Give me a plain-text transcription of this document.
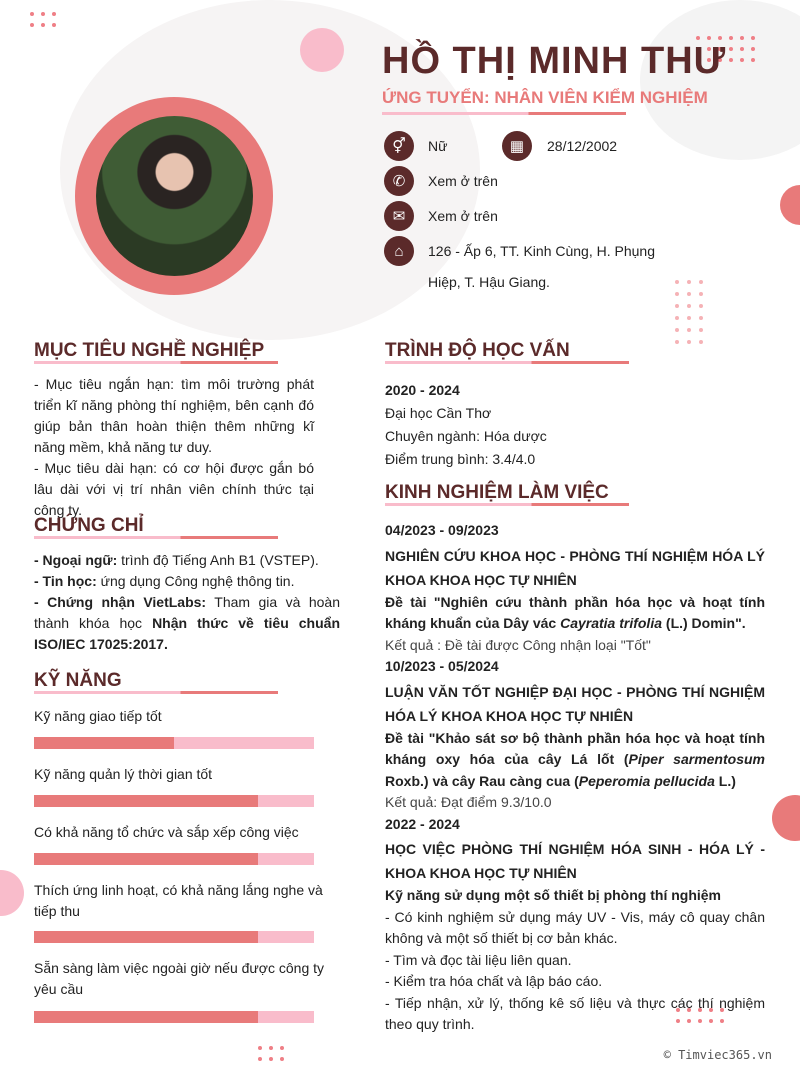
HỒ THỊ MINH THƯ
ỨNG TUYỂN: NHÂN VIÊN KIỂM NGHIỆM
⚥	Nữ	▦	28/12/2002
✆	Xem ở trên
✉	Xem ở trên
⌂	126 - Ấp 6, TT. Kinh Cùng, H. Phụng
Hiệp, T. Hậu Giang.
MỤC TIÊU NGHỀ NGHIỆP
- Mục tiêu ngắn hạn: tìm môi trường phát triển kĩ năng phòng thí nghiệm, bên cạnh đó giúp bản thân hoàn thiện thêm những kĩ năng mềm, khả năng tư duy.
- Mục tiêu dài hạn: có cơ hội được gắn bó lâu dài với vị trí nhân viên chính thức tại công ty.
CHỨNG CHỈ
- Ngoại ngữ: trình độ Tiếng Anh B1 (VSTEP).
- Tin học: ứng dụng Công nghệ thông tin.
- Chứng nhận VietLabs: Tham gia và hoàn thành khóa học Nhận thức về tiêu chuẩn ISO/IEC 17025:2017.
KỸ NĂNG
Kỹ năng giao tiếp tốt
Kỹ năng quản lý thời gian tốt
Có khả năng tổ chức và sắp xếp công việc
Thích ứng linh hoạt, có khả năng lắng nghe và tiếp thu
Sẵn sàng làm việc ngoài giờ nếu được công ty yêu cầu
TRÌNH ĐỘ HỌC VẤN
2020 - 2024
Đại học Cần Thơ
Chuyên ngành: Hóa dược
Điểm trung bình: 3.4/4.0
KINH NGHIỆM LÀM VIỆC
04/2023 - 09/2023
NGHIÊN CỨU KHOA HỌC - PHÒNG THÍ NGHIỆM HÓA LÝ KHOA KHOA HỌC TỰ NHIÊN
Đề tài "Nghiên cứu thành phần hóa học và hoạt tính kháng khuẩn của Dây vác Cayratia trifolia (L.) Domin".
Kết quả : Đề tài được Công nhận loại "Tốt"
10/2023 - 05/2024
LUẬN VĂN TỐT NGHIỆP ĐẠI HỌC - PHÒNG THÍ NGHIỆM HÓA LÝ KHOA KHOA HỌC TỰ NHIÊN
Đề tài "Khảo sát sơ bộ thành phần hóa học và hoạt tính kháng oxy hóa của cây Lá lốt (Piper sarmentosum Roxb.) và cây Rau càng cua (Peperomia pellucida L.)
Kết quả: Đạt điểm 9.3/10.0
2022 - 2024
HỌC VIỆC PHÒNG THÍ NGHIỆM HÓA SINH - HÓA LÝ - KHOA KHOA HỌC TỰ NHIÊN
Kỹ năng sử dụng một số thiết bị phòng thí nghiệm
- Có kinh nghiệm sử dụng máy UV - Vis, máy cô quay chân không và một số thiết bị cơ bản khác.
- Tìm và đọc tài liệu liên quan.
- Kiểm tra hóa chất và lập báo cáo.
- Tiếp nhận, xử lý, thống kê số liệu và thực các thí nghiệm theo quy trình.
© Timviec365.vn
